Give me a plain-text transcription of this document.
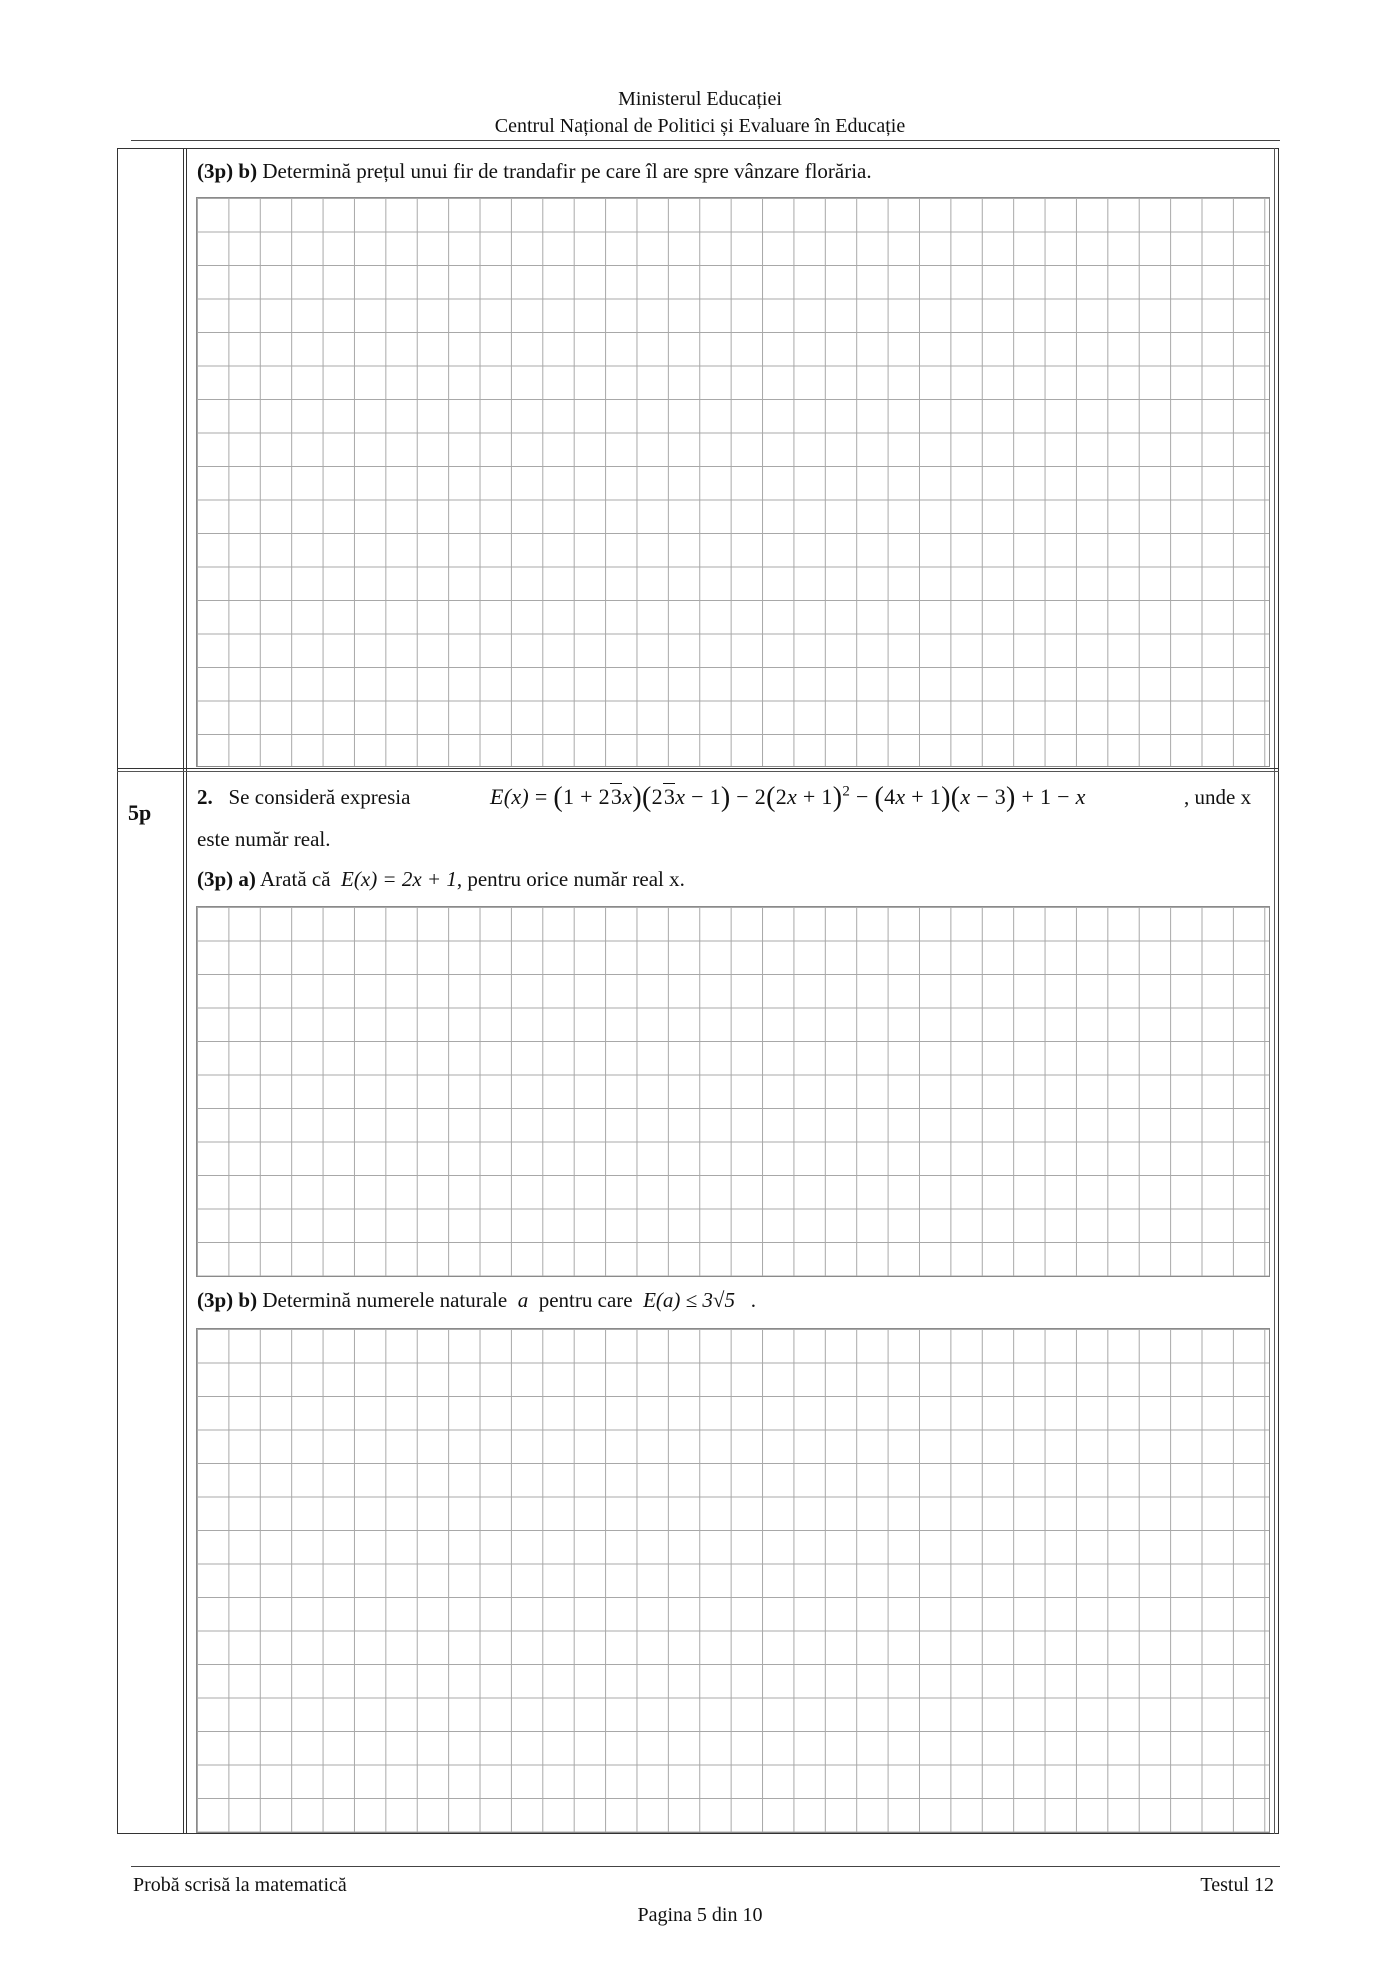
Ministerul Educației
Centrul Național de Politici și Evaluare în Educație
(3p) b) Determină prețul unui fir de trandafir pe care îl are spre vânzare florăria.
5p
2. Se consideră expresia	$E(x) = (1 + 23x)(23x - 1) - 2(2x + 1)^2 - (4x + 1)(x - 3) + 1 - x$	, unde x
este număr real.
(3p) a) Arată că E(x) = 2x + 1, pentru orice număr real x.
(3p) b) Determină numerele naturale a pentru care E(a) ≤ 3√5 .
Probă scrisă la matematică	Testul 12
Pagina 5 din 10
